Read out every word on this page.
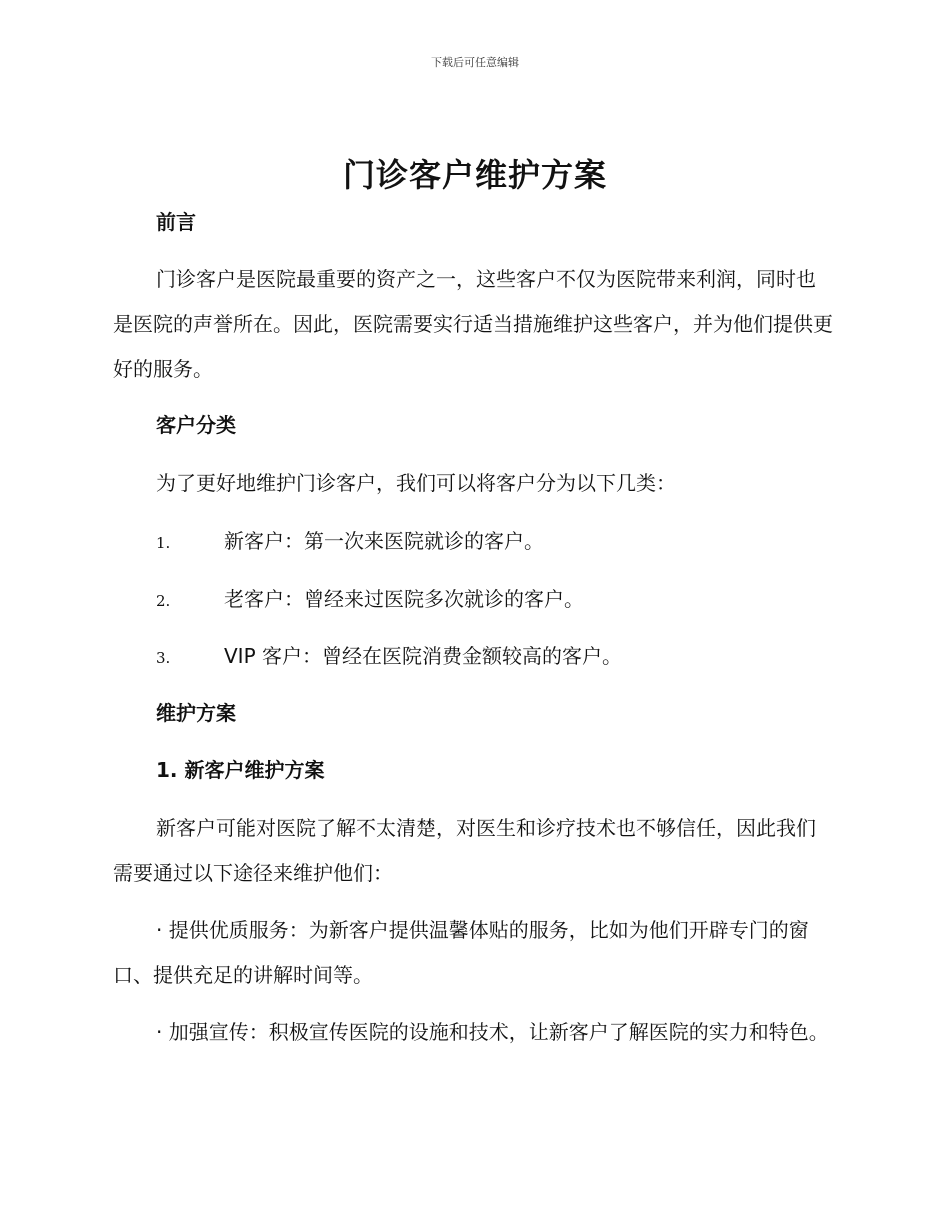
下载后可任意编辑
门诊客户维护方案
前言
门诊客户是医院最重要的资产之一，这些客户不仅为医院带来利润，同时也是医院的声誉所在。因此，医院需要实行适当措施维护这些客户，并为他们提供更好的服务。
客户分类
为了更好地维护门诊客户，我们可以将客户分为以下几类：
1.	新客户：第一次来医院就诊的客户。
2.	老客户：曾经来过医院多次就诊的客户。
3.	VIP 客户：曾经在医院消费金额较高的客户。
维护方案
1. 新客户维护方案
新客户可能对医院了解不太清楚，对医生和诊疗技术也不够信任，因此我们需要通过以下途径来维护他们：
· 提供优质服务：为新客户提供温馨体贴的服务，比如为他们开辟专门的窗口、提供充足的讲解时间等。
· 加强宣传：积极宣传医院的设施和技术，让新客户了解医院的实力和特色。
